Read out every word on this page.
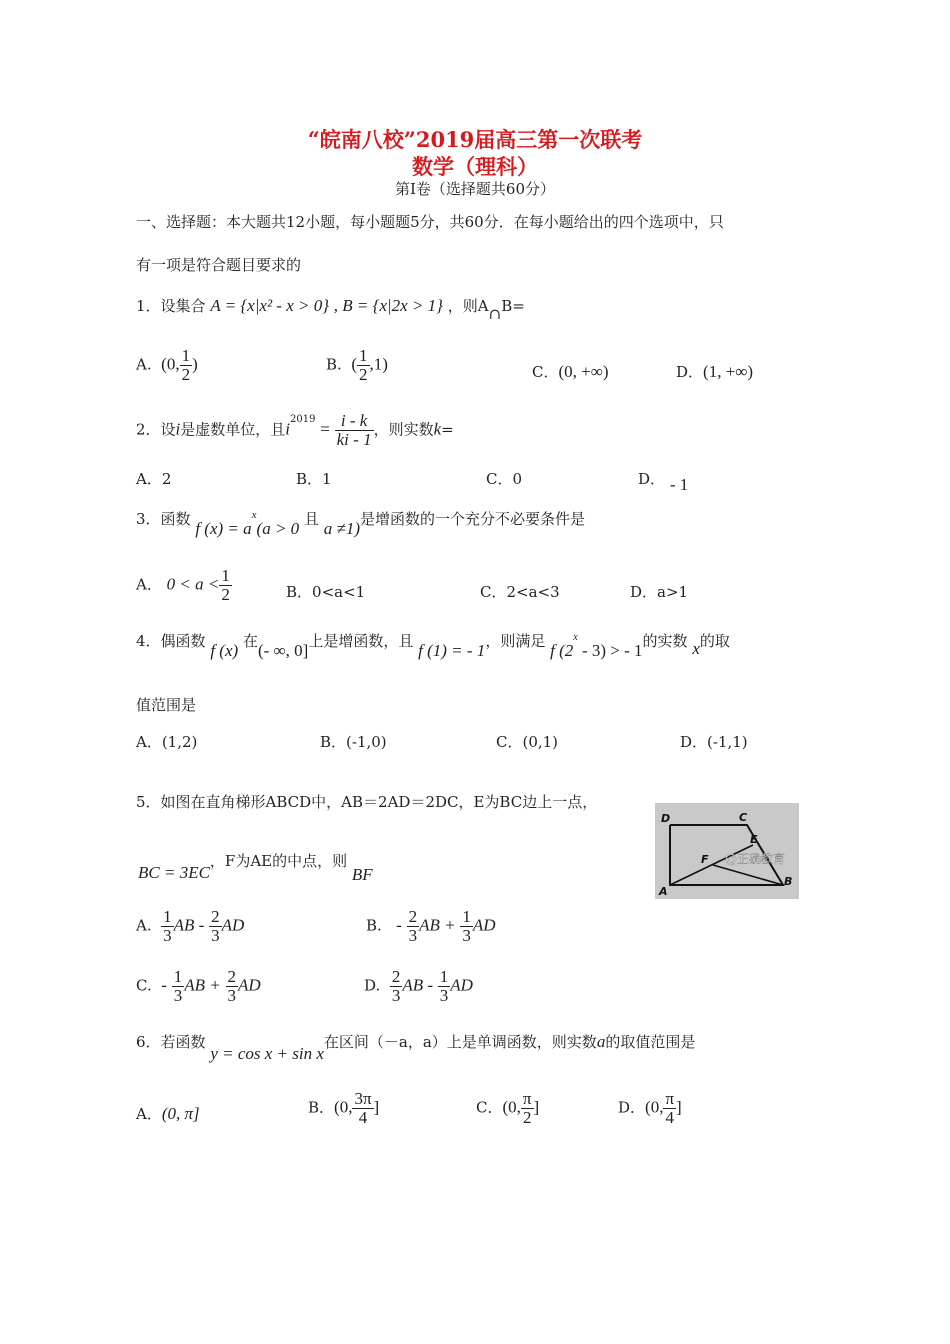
“皖南八校”2019届高三第一次联考
数学（理科）
第Ⅰ卷（选择题共60分）
一、选择题：本大题共12小题，每小题题5分，共60分．在每小题给出的四个选项中，只
有一项是符合题目要求的
1．设集合 A = {x|x² - x > 0} , B = {x|2x > 1} ，则A∩B=
A. (0, $\frac{1}{2}$ )	B. ( $\frac{1}{2} ,1$)	C．(0, +∞)	D．(1, +∞)
2．设i是虚数单位，且$i^{2019} = \frac{i - k}{ki - 1}$ ，则实数k=
A．2	B．1	C．0	D． - 1
3．函数 f $(x) = a^x(a > 0$ 且 a ≠1)是增函数的一个充分不必要条件是
A． $0 < a < \frac{1}{2}$	B．0<a<1	C．2<a<3	D．a>1
4．偶函数 f (x) 在(- ∞, 0]上是增函数，且 f (1) = - 1，则满足 f (2$^x$ - 3) > - 1的实数 x的取
值范围是
A．(1,2)	B．(-1,0)	C．(0,1)	D．(-1,1)
5．如图在直角梯形ABCD中，AB＝2AD＝2DC，E为BC边上一点，
BC = 3EC，F为AE的中点，则 BF
D	C
E
F
A
B
@正确教育
A. $\frac{1}{3}$ AB - $\frac{2}{3}$ AD	B. - $\frac{2}{3}$ AB + $\frac{1}{3}$ AD
C. - $\frac{1}{3}$ AB + $\frac{2}{3}$ AD	D. $\frac{2}{3}$ AB - $\frac{1}{3}$ AD
6．若函数 y = cos x + sin x在区间（－a，a）上是单调函数，则实数a的取值范围是
A．(0, π]	B．(0, $\frac{3\pi}{4}$ ]	C．(0, $\frac{\pi}{2}$ ]	D．(0, $\frac{\pi}{4}$ ]
